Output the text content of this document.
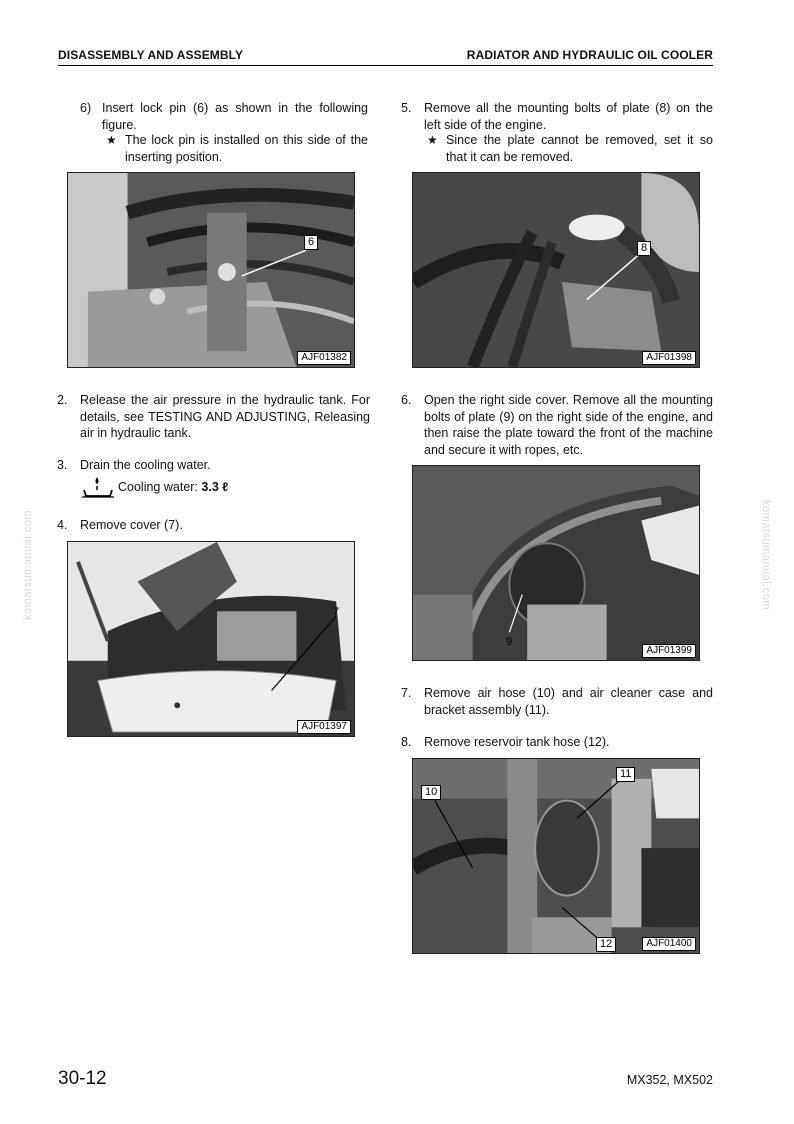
DISASSEMBLY AND ASSEMBLY	RADIATOR AND HYDRAULIC OIL COOLER
komatsumanual.com	komatsumanual.com
6) Insert lock pin (6) as shown in the following figure.
★ The lock pin is installed on this side of the inserting position.
6
AJF01382
2. Release the air pressure in the hydraulic tank. For details, see TESTING AND ADJUSTING, Releasing air in hydraulic tank.
3. Drain the cooling water.
Cooling water:
3.3 ℓ
4. Remove cover (7).
7
AJF01397
5. Remove all the mounting bolts of plate (8) on the left side of the engine.
★ Since the plate cannot be removed, set it so that it can be removed.
8
AJF01398
6. Open the right side cover. Remove all the mounting bolts of plate (9) on the right side of the engine, and then raise the plate toward the front of the machine and secure it with ropes, etc.
9
AJF01399
7. Remove air hose (10) and air cleaner case and bracket assembly (11).
8. Remove reservoir tank hose (12).
10
11
12	AJF01400
30-12	MX352, MX502
